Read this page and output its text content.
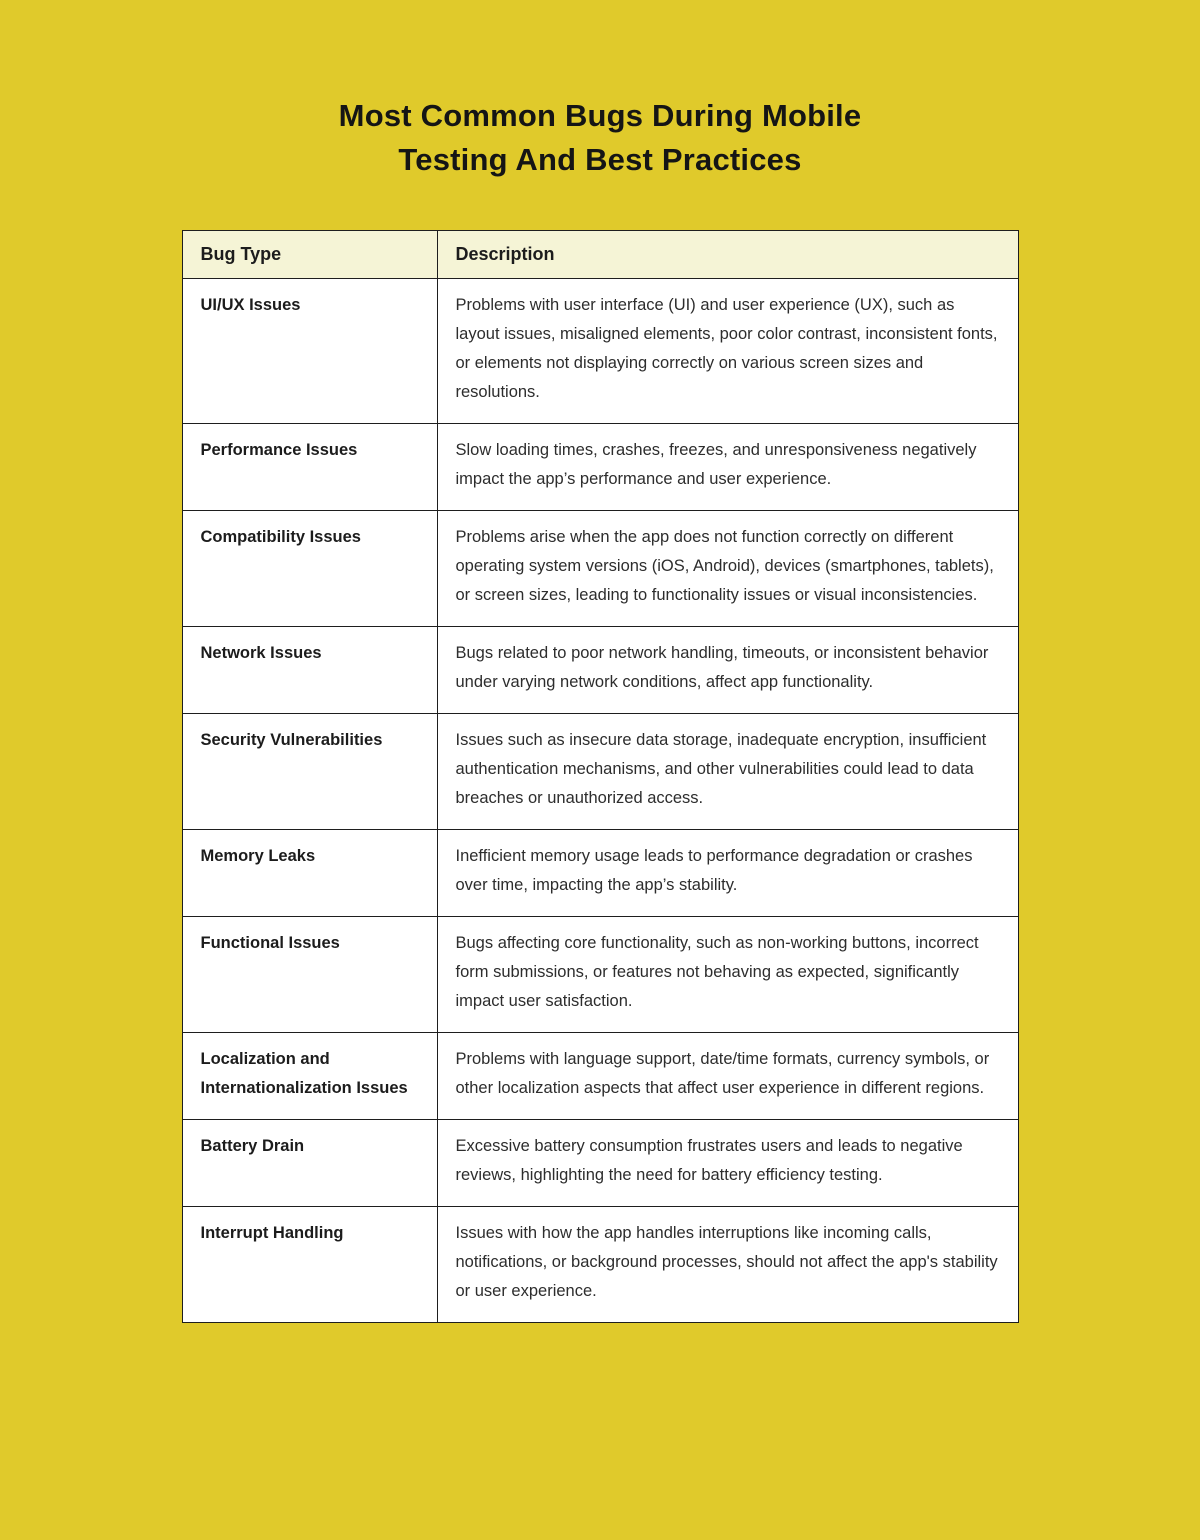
Most Common Bugs During Mobile
Testing And Best Practices
Bug Type	Description
UI/UX Issues	Problems with user interface (UI) and user experience (UX), such as layout issues, misaligned elements, poor color contrast, inconsistent fonts, or elements not displaying correctly on various screen sizes and resolutions.
Performance Issues	Slow loading times, crashes, freezes, and unresponsiveness negatively impact the app’s performance and user experience.
Compatibility Issues	Problems arise when the app does not function correctly on different operating system versions (iOS, Android), devices (smartphones, tablets), or screen sizes, leading to functionality issues or visual inconsistencies.
Network Issues	Bugs related to poor network handling, timeouts, or inconsistent behavior under varying network conditions, affect app functionality.
Security Vulnerabilities	Issues such as insecure data storage, inadequate encryption, insufficient authentication mechanisms, and other vulnerabilities could lead to data breaches or unauthorized access.
Memory Leaks	Inefficient memory usage leads to performance degradation or crashes over time, impacting the app’s stability.
Functional Issues	Bugs affecting core functionality, such as non-working buttons, incorrect form submissions, or features not behaving as expected, significantly impact user satisfaction.
Localization and Internationalization Issues	Problems with language support, date/time formats, currency symbols, or other localization aspects that affect user experience in different regions.
Battery Drain	Excessive battery consumption frustrates users and leads to negative reviews, highlighting the need for battery efficiency testing.
Interrupt Handling	Issues with how the app handles interruptions like incoming calls, notifications, or background processes, should not affect the app's stability or user experience.
